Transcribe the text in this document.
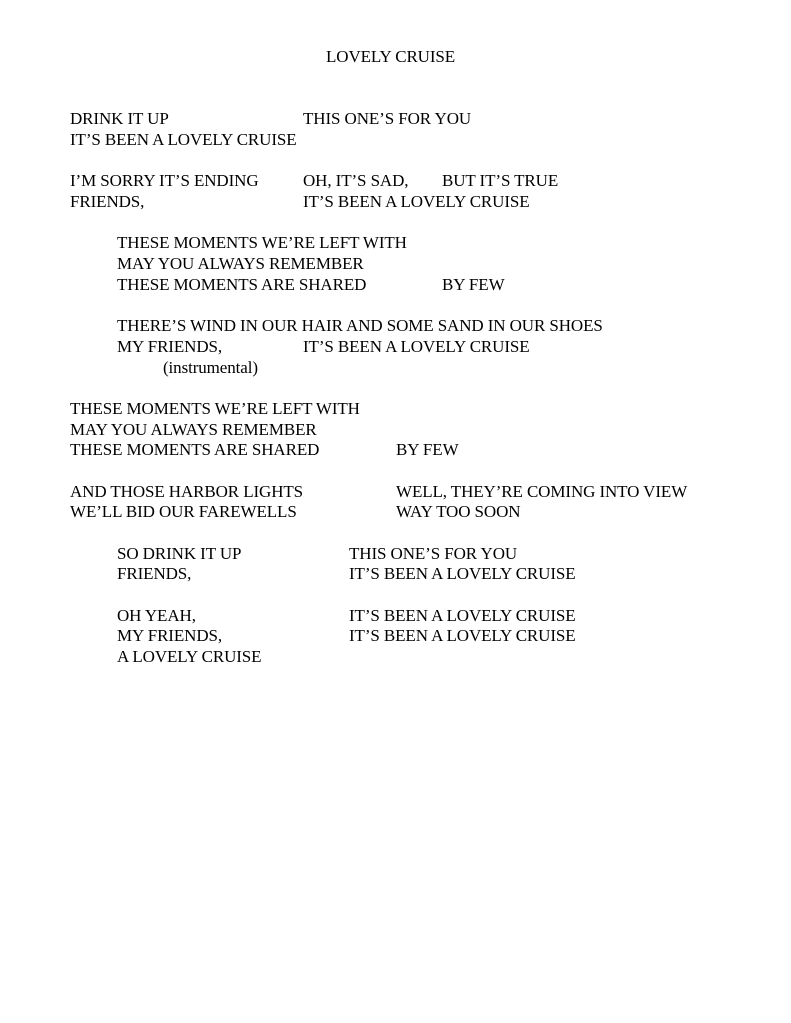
LOVELY CRUISE
DRINK IT UP	THIS ONE’S FOR YOU
IT’S BEEN A LOVELY CRUISE
I’M SORRY IT’S ENDING	OH, IT’S SAD, BUT IT’S TRUE
FRIENDS,	IT’S BEEN A LOVELY CRUISE
THESE MOMENTS WE’RE LEFT WITH
MAY YOU ALWAYS REMEMBER
THESE MOMENTS ARE SHARED	BY FEW
THERE’S WIND IN OUR HAIR AND SOME SAND IN OUR SHOES
MY FRIENDS,	IT’S BEEN A LOVELY CRUISE
(instrumental)
THESE MOMENTS WE’RE LEFT WITH
MAY YOU ALWAYS REMEMBER
THESE MOMENTS ARE SHARED	BY FEW
AND THOSE HARBOR LIGHTS	WELL, THEY’RE COMING INTO VIEW
WE’LL BID OUR FAREWELLS	WAY TOO SOON
SO DRINK IT UP	THIS ONE’S FOR YOU
FRIENDS,	IT’S BEEN A LOVELY CRUISE
OH YEAH,	IT’S BEEN A LOVELY CRUISE
MY FRIENDS,	IT’S BEEN A LOVELY CRUISE
A LOVELY CRUISE
